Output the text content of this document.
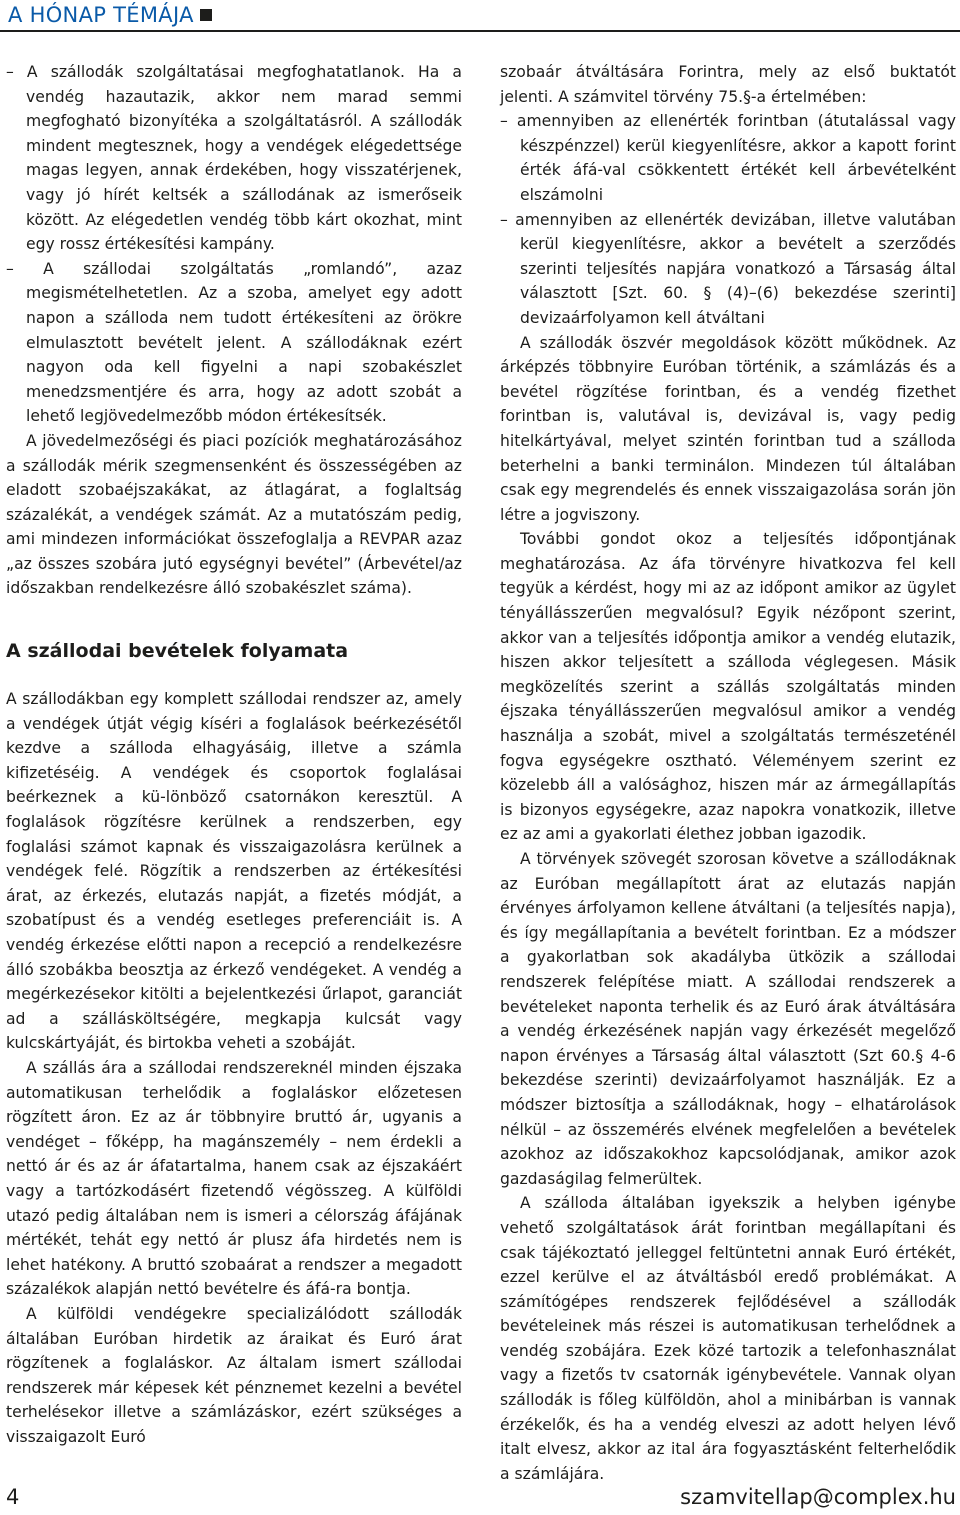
A HÓNAP TÉMÁJA

– A szállodák szolgáltatásai megfoghatatlanok. Ha a vendég hazautazik, akkor nem marad semmi megfogható bizonyítéka a szolgáltatásról. A szállodák mindent megtesznek, hogy a vendégek elégedettsége magas legyen, annak érdekében, hogy visszatérjenek, vagy jó hírét keltsék a szállodának az ismerőseik között. Az elégedetlen vendég több kárt okozhat, mint egy rossz értékesítési kampány.

– A szállodai szolgáltatás „romlandó”, azaz megismételhetetlen. Az a szoba, amelyet egy adott napon a szálloda nem tudott értékesíteni az örökre elmulasztott bevételt jelent. A szállodáknak ezért nagyon oda kell figyelni a napi szobakészlet menedzsmentjére és arra, hogy az adott szobát a lehető legjövedelmezőbb módon értékesítsék.

A jövedelmezőségi és piaci pozíciók meghatározásához a szállodák mérik szegmensenként és összességében az eladott szobaéjszakákat, az átlagárat, a foglaltság százalékát, a vendégek számát. Az a mutatószám pedig, ami mindezen információkat összefoglalja a REVPAR azaz „az összes szobára jutó egységnyi bevétel” (Árbevétel/az időszakban rendelkezésre álló szobakészlet száma).

A szállodai bevételek folyamata

A szállodákban egy komplett szállodai rendszer az, amely a vendégek útját végig kíséri a foglalások beérkezésétől kezdve a szálloda elhagyásáig, illetve a számla kifizetéséig. A vendégek és csoportok foglalásai beérkeznek a kü-lönböző csatornákon keresztül. A foglalások rögzítésre kerülnek a rendszerben, egy foglalási számot kapnak és visszaigazolásra kerülnek a vendégek felé. Rögzítik a rendszerben az értékesítési árat, az érkezés, elutazás napját, a fizetés módját, a szobatípust és a vendég esetleges preferenciáit is. A vendég érkezése előtti napon a recepció a rendelkezésre álló szobákba beosztja az érkező vendégeket. A vendég a megérkezésekor kitölti a bejelentkezési űrlapot, garanciát ad a szállásköltségére, megkapja kulcsát vagy kulcskártyáját, és birtokba veheti a szobáját.

A szállás ára a szállodai rendszereknél minden éjszaka automatikusan terhelődik a foglaláskor előzetesen rögzített áron. Ez az ár többnyire bruttó ár, ugyanis a vendéget – főképp, ha magánszemély – nem érdekli a nettó ár és az ár áfatartalma, hanem csak az éjszakáért vagy a tartózkodásért fizetendő végösszeg. A külföldi utazó pedig általában nem is ismeri a célország áfájának mértékét, tehát egy nettó ár plusz áfa hirdetés nem is lehet hatékony. A bruttó szobaárat a rendszer a megadott százalékok alapján nettó bevételre és áfá-ra bontja.

A külföldi vendégekre specializálódott szállodák általában Euróban hirdetik az áraikat és Euró árat rögzítenek a foglaláskor. Az általam ismert szállodai rendszerek már képesek két pénznemet kezelni a bevétel terhelésekor illetve a számlázáskor, ezért szükséges a visszaigazolt Euró

szobaár átváltására Forintra, mely az első buktatót jelenti. A számvitel törvény 75.§-a értelmében:

– amennyiben az ellenérték forintban (átutalással vagy készpénzzel) kerül kiegyenlítésre, akkor a kapott forint érték áfá-val csökkentett értékét kell árbevételként elszámolni

– amennyiben az ellenérték devizában, illetve valutában kerül kiegyenlítésre, akkor a bevételt a szerződés szerinti teljesítés napjára vonatkozó a Társaság által választott [Szt. 60. § (4)–(6) bekezdése szerinti] devizaárfolyamon kell átváltani

A szállodák öszvér megoldások között működnek. Az árképzés többnyire Euróban történik, a számlázás és a bevétel rögzítése forintban, és a vendég fizethet forintban is, valutával is, devizával is, vagy pedig hitelkártyával, melyet szintén forintban tud a szálloda beterhelni a banki terminálon. Mindezen túl általában csak egy megrendelés és ennek visszaigazolása során jön létre a jogviszony.

További gondot okoz a teljesítés időpontjának meghatározása. Az áfa törvényre hivatkozva fel kell tegyük a kérdést, hogy mi az az időpont amikor az ügylet tényállásszerűen megvalósul? Egyik nézőpont szerint, akkor van a teljesítés időpontja amikor a vendég elutazik, hiszen akkor teljesített a szálloda véglegesen. Másik megközelítés szerint a szállás szolgáltatás minden éjszaka tényállásszerűen megvalósul amikor a vendég használja a szobát, mivel a szolgáltatás természeténél fogva egységekre osztható. Véleményem szerint ez közelebb áll a valósághoz, hiszen már az ármegállapítás is bizonyos egységekre, azaz napokra vonatkozik, illetve ez az ami a gyakorlati élethez jobban igazodik.

A törvények szövegét szorosan követve a szállodáknak az Euróban megállapított árat az elutazás napján érvényes árfolyamon kellene átváltani (a teljesítés napja), és így megállapítania a bevételt forintban. Ez a módszer a gyakorlatban sok akadályba ütközik a szállodai rendszerek felépítése miatt. A szállodai rendszerek a bevételeket naponta terhelik és az Euró árak átváltására a vendég érkezésének napján vagy érkezését megelőző napon érvényes a Társaság által választott (Szt 60.§ 4-6 bekezdése szerinti) devizaárfolyamot használják. Ez a módszer biztosítja a szállodáknak, hogy – elhatárolások nélkül – az összemérés elvének megfelelően a bevételek azokhoz az időszakokhoz kapcsolódjanak, amikor azok gazdaságilag felmerültek.

A szálloda általában igyekszik a helyben igénybe vehető szolgáltatások árát forintban megállapítani és csak tájékoztató jelleggel feltüntetni annak Euró értékét, ezzel kerülve el az átváltásból eredő problémákat. A számítógépes rendszerek fejlődésével a szállodák bevételeinek más részei is automatikusan terhelődnek a vendég szobájára. Ezek közé tartozik a telefonhasználat vagy a fizetős tv csatornák igénybevétele. Vannak olyan szállodák is főleg külföldön, ahol a minibárban is vannak érzékelők, és ha a vendég elveszi az adott helyen lévő italt elvesz, akkor az ital ára fogyasztásként felterhelődik a számlájára.

4	szamvitellap@complex.hu
